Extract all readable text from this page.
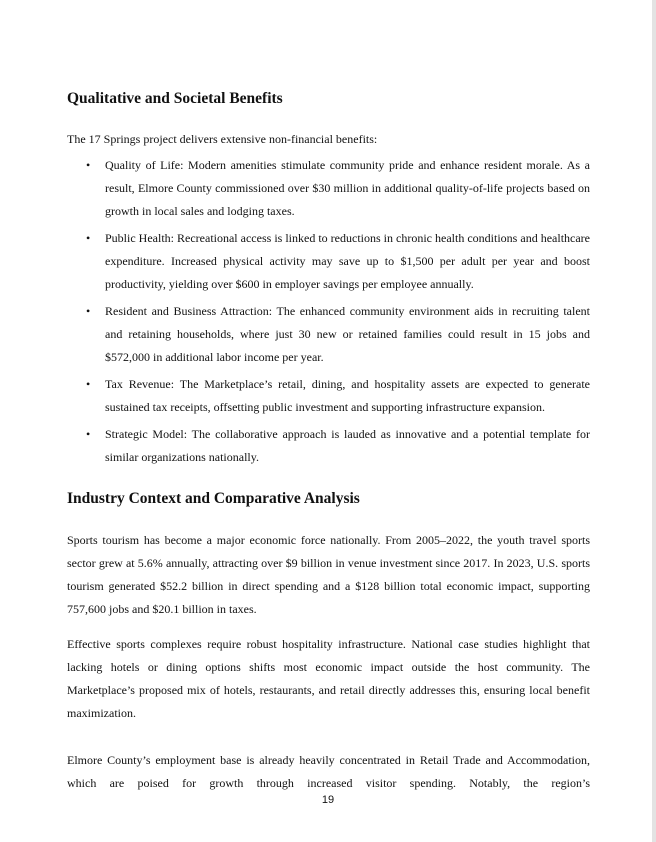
Qualitative and Societal Benefits

The 17 Springs project delivers extensive non-financial benefits:

• Quality of Life: Modern amenities stimulate community pride and enhance resident morale. As a result, Elmore County commissioned over $30 million in additional quality-of-life projects based on growth in local sales and lodging taxes.
• Public Health: Recreational access is linked to reductions in chronic health conditions and healthcare expenditure. Increased physical activity may save up to $1,500 per adult per year and boost productivity, yielding over $600 in employer savings per employee annually.
• Resident and Business Attraction: The enhanced community environment aids in recruiting talent and retaining households, where just 30 new or retained families could result in 15 jobs and $572,000 in additional labor income per year.
• Tax Revenue: The Marketplace’s retail, dining, and hospitality assets are expected to generate sustained tax receipts, offsetting public investment and supporting infrastructure expansion.
• Strategic Model: The collaborative approach is lauded as innovative and a potential template for similar organizations nationally.
Industry Context and Comparative Analysis

Sports tourism has become a major economic force nationally. From 2005–2022, the youth travel sports sector grew at 5.6% annually, attracting over $9 billion in venue investment since 2017. In 2023, U.S. sports tourism generated $52.2 billion in direct spending and a $128 billion total economic impact, supporting 757,600 jobs and $20.1 billion in taxes.

Effective sports complexes require robust hospitality infrastructure. National case studies highlight that lacking hotels or dining options shifts most economic impact outside the host community. The Marketplace’s proposed mix of hotels, restaurants, and retail directly addresses this, ensuring local benefit maximization.

Elmore County’s employment base is already heavily concentrated in Retail Trade and Accommodation, which are poised for growth through increased visitor spending. Notably, the region’s

19
